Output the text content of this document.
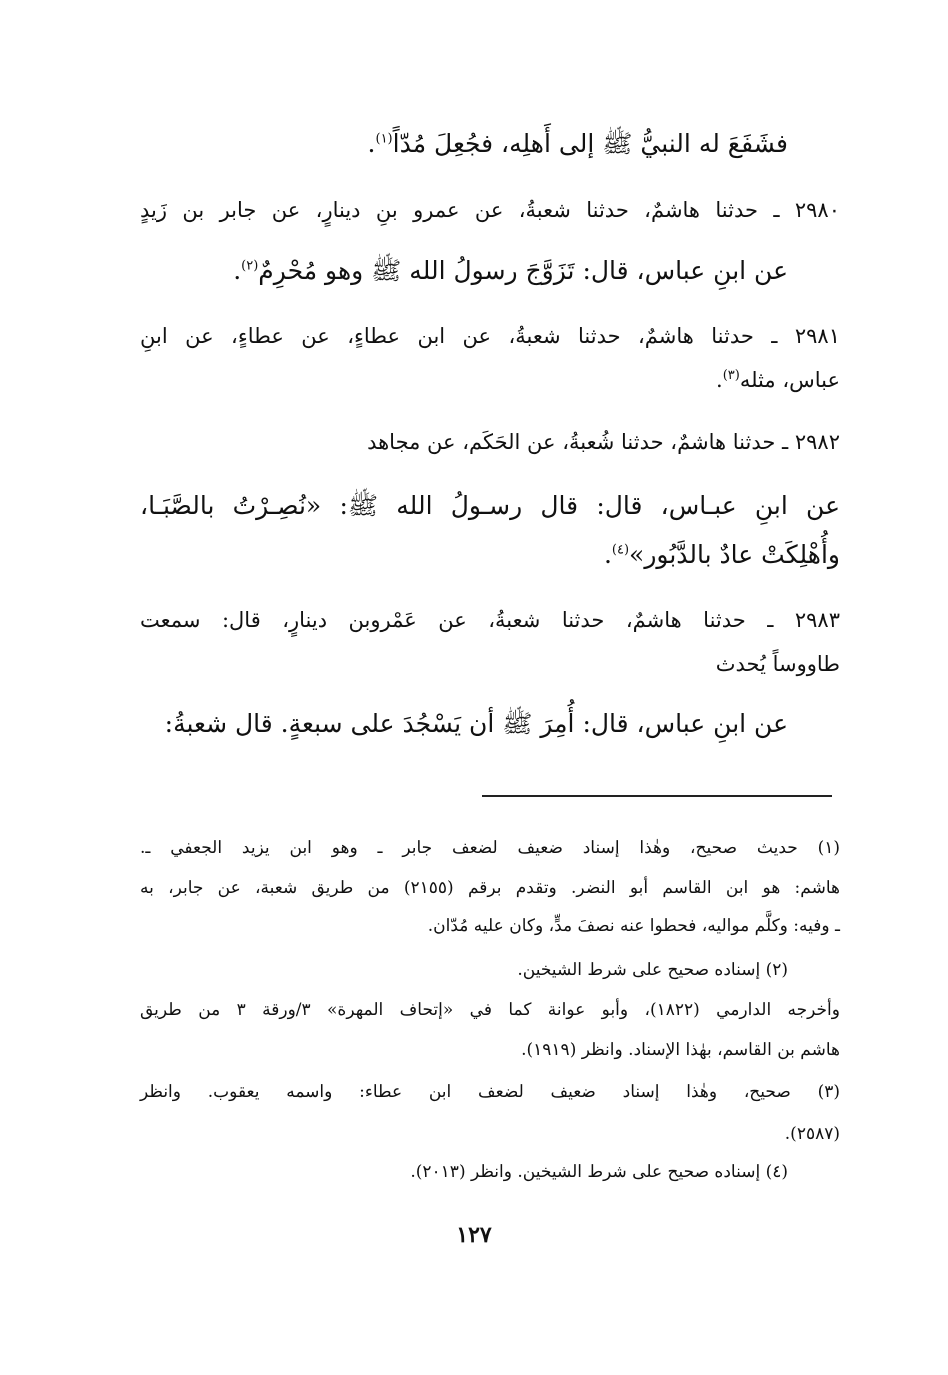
فشَفَعَ له النبيُّ ﷺ إلى أَهلِه، فجُعِلَ مُدّاً$^{(١)}$.
٢٩٨٠ ـ حدثنا هاشمٌ، حدثنا شعبةُ، عن عمرو بنِ دينارٍ، عن جابر بن زَيدٍ
عن ابنِ عباس، قال: تَزَوَّجَ رسولُ الله ﷺ وهو مُحْرِمٌ$^{(٢)}$.
٢٩٨١ ـ حدثنا هاشمٌ، حدثنا شعبةُ، عن ابن عطاءٍ، عن عطاءٍ، عن ابنِ
عباس، مثله$^{(٣)}$.
٢٩٨٢ ـ حدثنا هاشمٌ، حدثنا شُعبةُ، عن الحَكَم، عن مجاهد
عن ابنِ عبـاس، قال: قال رسـولُ الله ﷺ: «نُصِـرْتُ بالصَّبَـا،
وأُهْلِكَتْ عادٌ بالدَّبُور»$^{(٤)}$.
٢٩٨٣ ـ حدثنا هاشمٌ، حدثنا شعبةُ، عن عَمْروبن دينارٍ، قال: سمعت
طاووساً يُحدث
عن ابنِ عباس، قال: أُمِرَ ﷺ أن يَسْجُدَ على سبعةٍ. قال شعبةُ:
(١) حديث صحيح، وهٰذا إسناد ضعيف لضعف جابر ـ وهو ابن يزيد الجعفي ـ.
هاشم: هو ابن القاسم أبو النضر. وتقدم برقم (٢١٥٥) من طريق شعبة، عن جابر، به
ـ وفيه: وكلَّم مواليه، فحطوا عنه نصفَ مدٍّ، وكان عليه مُدّان.
(٢) إسناده صحيح على شرط الشيخين.
وأخرجه الدارمي (١٨٢٢)، وأبو عوانة كما في «إتحاف المهرة» ٣/ورقة ٣ من طريق
هاشم بن القاسم، بهٰذا الإسناد. وانظر (١٩١٩).
(٣) صحيح، وهٰذا إسناد ضعيف لضعف ابن عطاء: واسمه يعقوب. وانظر
(٢٥٨٧).
(٤) إسناده صحيح على شرط الشيخين. وانظر (٢٠١٣).
١٢٧
